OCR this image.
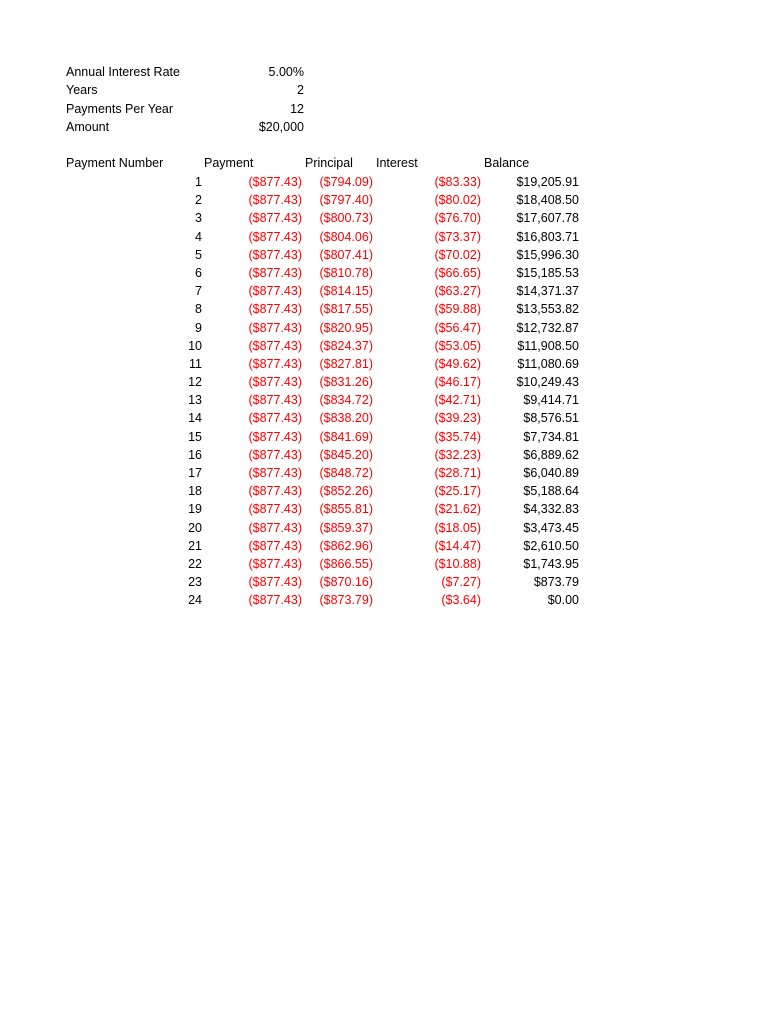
Annual Interest Rate	5.00%
Years	2
Payments Per Year	12
Amount	$20,000
Payment Number	Payment	Principal Interest	Balance
1	($877.43) ($794.09)	($83.33)	$19,205.91
2	($877.43) ($797.40)	($80.02)	$18,408.50
3	($877.43) ($800.73)	($76.70)	$17,607.78
4	($877.43) ($804.06)	($73.37)	$16,803.71
5	($877.43) ($807.41)	($70.02)	$15,996.30
6	($877.43) ($810.78)	($66.65)	$15,185.53
7	($877.43) ($814.15)	($63.27)	$14,371.37
8	($877.43) ($817.55)	($59.88)	$13,553.82
9	($877.43) ($820.95)	($56.47)	$12,732.87
10	($877.43) ($824.37)	($53.05)	$11,908.50
11	($877.43) ($827.81)	($49.62)	$11,080.69
12	($877.43) ($831.26)	($46.17)	$10,249.43
13	($877.43) ($834.72)	($42.71)	$9,414.71
14	($877.43) ($838.20)	($39.23)	$8,576.51
15	($877.43) ($841.69)	($35.74)	$7,734.81
16	($877.43) ($845.20)	($32.23)	$6,889.62
17	($877.43) ($848.72)	($28.71)	$6,040.89
18	($877.43) ($852.26)	($25.17)	$5,188.64
19	($877.43) ($855.81)	($21.62)	$4,332.83
20	($877.43) ($859.37)	($18.05)	$3,473.45
21	($877.43) ($862.96)	($14.47)	$2,610.50
22	($877.43) ($866.55)	($10.88)	$1,743.95
23	($877.43) ($870.16)	($7.27)	$873.79
24	($877.43) ($873.79)	($3.64)	$0.00
